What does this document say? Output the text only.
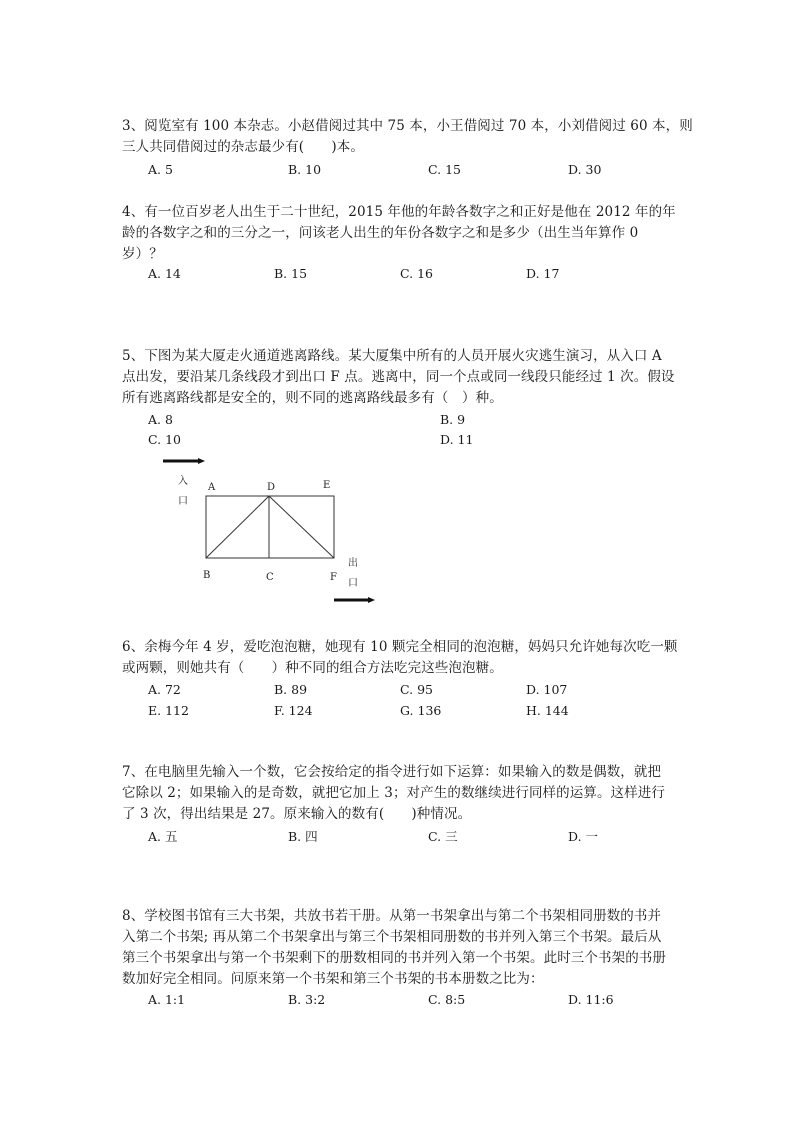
3、阅览室有 100 本杂志。小赵借阅过其中 75 本，小王借阅过 70 本，小刘借阅过 60 本，则
三人共同借阅过的杂志最少有(　　)本。
A. 5	B. 10	C. 15	D. 30
4、有一位百岁老人出生于二十世纪，2015 年他的年龄各数字之和正好是他在 2012 年的年
龄的各数字之和的三分之一，问该老人出生的年份各数字之和是多少（出生当年算作 0
岁）？
A. 14	B. 15	C. 16	D. 17
5、下图为某大厦走火通道逃离路线。某大厦集中所有的人员开展火灾逃生演习，从入口 A
点出发，要沿某几条线段才到出口 F 点。逃离中，同一个点或同一线段只能经过 1 次。假设
所有逃离路线都是安全的，则不同的逃离路线最多有（　）种。
A. 8	B. 9
C. 10	D. 11
入
口
A	D	E
B	C	F
出
口
6、余梅今年 4 岁，爱吃泡泡糖，她现有 10 颗完全相同的泡泡糖，妈妈只允许她每次吃一颗
或两颗，则她共有（　　）种不同的组合方法吃完这些泡泡糖。
A. 72	B. 89	C. 95	D. 107
E. 112	F. 124	G. 136	H. 144
7、在电脑里先输入一个数，它会按给定的指令进行如下运算：如果输入的数是偶数，就把
它除以 2；如果输入的是奇数，就把它加上 3；对产生的数继续进行同样的运算。这样进行
了 3 次，得出结果是 27。原来输入的数有(　　)种情况。
A. 五	B. 四	C. 三	D. 一
8、学校图书馆有三大书架，共放书若干册。从第一书架拿出与第二个书架相同册数的书并
入第二个书架; 再从第二个书架拿出与第三个书架相同册数的书并列入第三个书架。最后从
第三个书架拿出与第一个书架剩下的册数相同的书并列入第一个书架。此时三个书架的书册
数加好完全相同。问原来第一个书架和第三个书架的书本册数之比为：
A. 1:1	B. 3:2	C. 8:5	D. 11:6
